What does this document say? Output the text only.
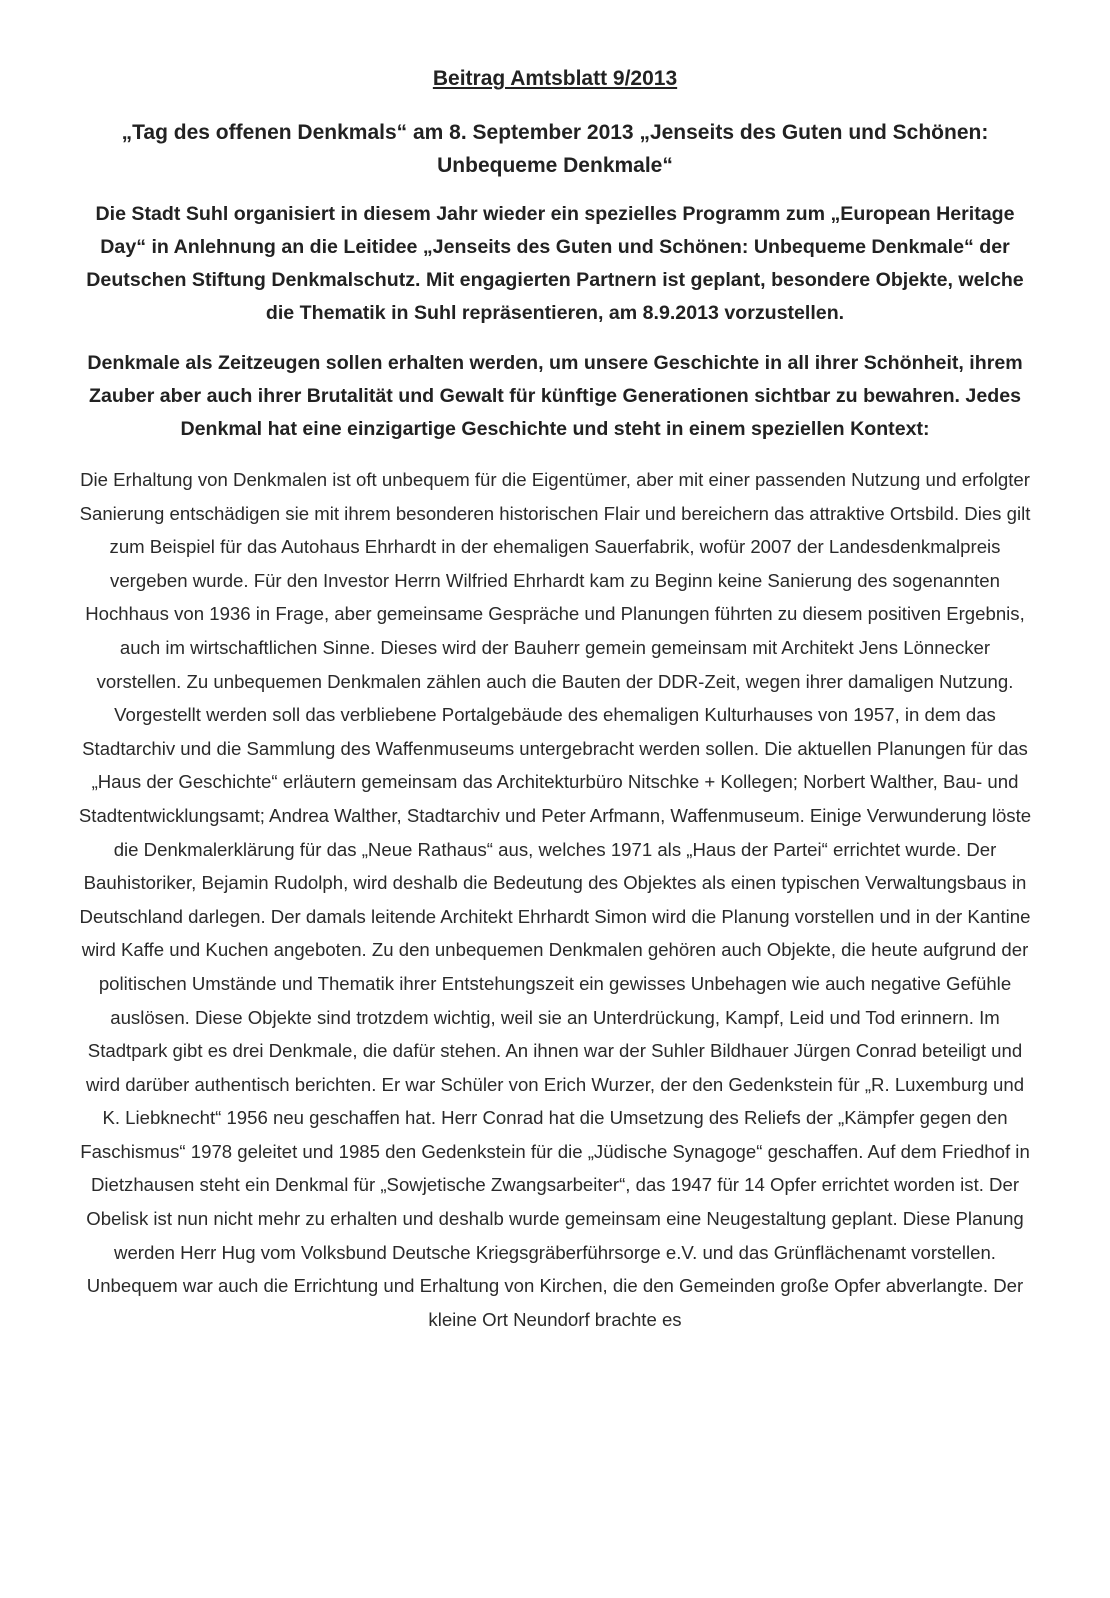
Beitrag Amtsblatt 9/2013
„Tag des offenen Denkmals“ am 8. September 2013 „Jenseits des Guten und Schönen: Unbequeme Denkmale“
Die Stadt Suhl organisiert in diesem Jahr wieder ein spezielles Programm zum „European Heritage Day“ in Anlehnung an die Leitidee „Jenseits des Guten und Schönen: Unbequeme Denkmale“ der Deutschen Stiftung Denkmalschutz. Mit engagierten Partnern ist geplant, besondere Objekte, welche die Thematik in Suhl repräsentieren, am 8.9.2013 vorzustellen.
Denkmale als Zeitzeugen sollen erhalten werden, um unsere Geschichte in all ihrer Schönheit, ihrem Zauber aber auch ihrer Brutalität und Gewalt für künftige Generationen sichtbar zu bewahren. Jedes Denkmal hat eine einzigartige Geschichte und steht in einem speziellen Kontext:
Die Erhaltung von Denkmalen ist oft unbequem für die Eigentümer, aber mit einer passenden Nutzung und erfolgter Sanierung entschädigen sie mit ihrem besonderen historischen Flair und bereichern das attraktive Ortsbild. Dies gilt zum Beispiel für das Autohaus Ehrhardt in der ehemaligen Sauerfabrik, wofür 2007 der Landesdenkmalpreis vergeben wurde. Für den Investor Herrn Wilfried Ehrhardt kam zu Beginn keine Sanierung des sogenannten Hochhaus von 1936 in Frage, aber gemeinsame Gespräche und Planungen führten zu diesem positiven Ergebnis, auch im wirtschaftlichen Sinne. Dieses wird der Bauherr gemein gemeinsam mit Architekt Jens Lönnecker vorstellen. Zu unbequemen Denkmalen zählen auch die Bauten der DDR-Zeit, wegen ihrer damaligen Nutzung. Vorgestellt werden soll das verbliebene Portalgebäude des ehemaligen Kulturhauses von 1957, in dem das Stadtarchiv und die Sammlung des Waffenmuseums untergebracht werden sollen. Die aktuellen Planungen für das „Haus der Geschichte“ erläutern gemeinsam das Architekturbüro Nitschke + Kollegen; Norbert Walther, Bau- und Stadtentwicklungsamt; Andrea Walther, Stadtarchiv und Peter Arfmann, Waffenmuseum. Einige Verwunderung löste die Denkmalerklärung für das „Neue Rathaus“ aus, welches 1971 als „Haus der Partei“ errichtet wurde. Der Bauhistoriker, Bejamin Rudolph, wird deshalb die Bedeutung des Objektes als einen typischen Verwaltungsbaus in Deutschland darlegen. Der damals leitende Architekt Ehrhardt Simon wird die Planung vorstellen und in der Kantine wird Kaffe und Kuchen angeboten. Zu den unbequemen Denkmalen gehören auch Objekte, die heute aufgrund der politischen Umstände und Thematik ihrer Entstehungszeit ein gewisses Unbehagen wie auch negative Gefühle auslösen. Diese Objekte sind trotzdem wichtig, weil sie an Unterdrückung, Kampf, Leid und Tod erinnern. Im Stadtpark gibt es drei Denkmale, die dafür stehen. An ihnen war der Suhler Bildhauer Jürgen Conrad beteiligt und wird darüber authentisch berichten. Er war Schüler von Erich Wurzer, der den Gedenkstein für „R. Luxemburg und K. Liebknecht“ 1956 neu geschaffen hat. Herr Conrad hat die Umsetzung des Reliefs der „Kämpfer gegen den Faschismus“ 1978 geleitet und 1985 den Gedenkstein für die „Jüdische Synagoge“ geschaffen. Auf dem Friedhof in Dietzhausen steht ein Denkmal für „Sowjetische Zwangsarbeiter“, das 1947 für 14 Opfer errichtet worden ist. Der Obelisk ist nun nicht mehr zu erhalten und deshalb wurde gemeinsam eine Neugestaltung geplant. Diese Planung werden Herr Hug vom Volksbund Deutsche Kriegsgräberführsorge e.V. und das Grünflächenamt vorstellen. Unbequem war auch die Errichtung und Erhaltung von Kirchen, die den Gemeinden große Opfer abverlangte. Der kleine Ort Neundorf brachte es
